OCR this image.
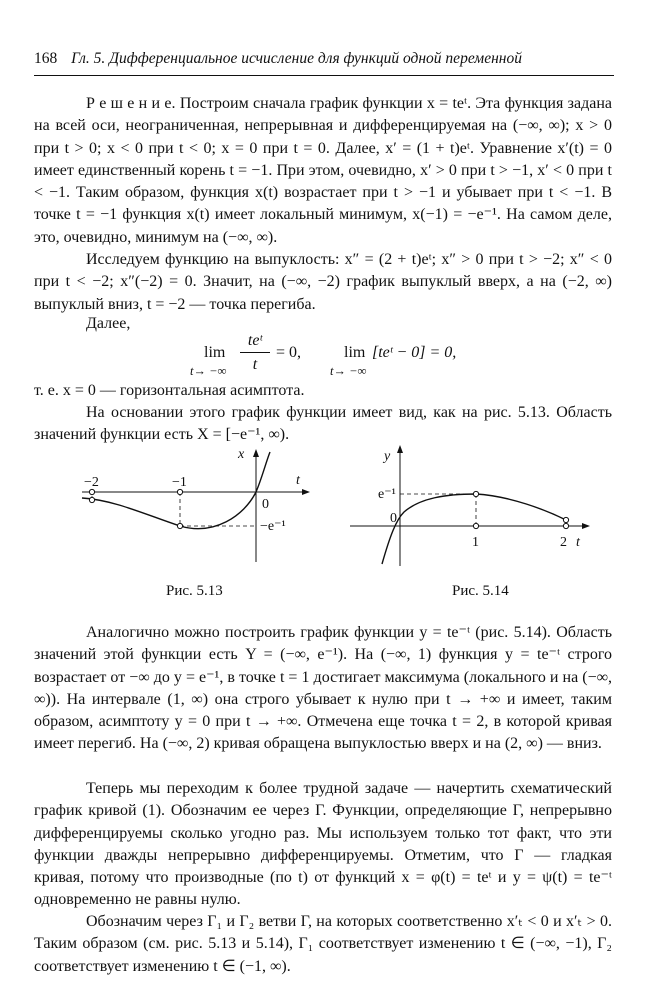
168 Гл. 5. Дифференциальное исчисление для функций одной переменной

Р е ш е н и е. Построим сначала график функции x = teᵗ. Эта функция задана на всей оси, неограниченная, непрерывная и дифференцируемая на (−∞, ∞); x > 0 при t > 0; x < 0 при t < 0; x = 0 при t = 0. Далее, x′ = (1 + t)eᵗ. Уравнение x′(t) = 0 имеет единственный корень t = −1. При этом, очевидно, x′ > 0 при t > −1, x′ < 0 при t < −1. Таким образом, функция x(t) возрастает при t > −1 и убывает при t < −1. В точке t = −1 функция x(t) имеет локальный минимум, x(−1) = −e⁻¹. На самом деле, это, очевидно, минимум на (−∞, ∞).

Исследуем функцию на выпуклость: x″ = (2 + t)eᵗ; x″ > 0 при t > −2; x″ < 0 при t < −2; x″(−2) = 0. Значит, на (−∞, −2) график выпуклый вверх, а на (−2, ∞) выпуклый вниз, t = −2 — точка перегиба.

Далее,

lim
t→ −∞
teᵗ
t
= 0,	lim
t→ −∞
[teᵗ − 0] = 0,

т. е. x = 0 — горизонтальная асимптота.

На основании этого график функции имеет вид, как на рис. 5.13. Область значений функции есть X = [−e⁻¹, ∞).

x
t
−2	−1
0
−e⁻¹
Рис. 5.13
y
0
e⁻¹
1	2 t
Рис. 5.14

Аналогично можно построить график функции y = te⁻ᵗ (рис. 5.14). Область значений этой функции есть Y = (−∞, e⁻¹). На (−∞, 1) функция y = te⁻ᵗ строго возрастает от −∞ до y = e⁻¹, в точке t = 1 достигает максимума (локального и на (−∞, ∞)). На интервале (1, ∞) она строго убывает к нулю при t → +∞ и имеет, таким образом, асимптоту y = 0 при t → +∞. Отмечена еще точка t = 2, в которой кривая имеет перегиб. На (−∞, 2) кривая обращена выпуклостью вверх и на (2, ∞) — вниз.

Теперь мы переходим к более трудной задаче — начертить схематический график кривой (1). Обозначим ее через Γ. Функции, определяющие Γ, непрерывно дифференцируемы сколько угодно раз. Мы используем только тот факт, что эти функции дважды непрерывно дифференцируемы. Отметим, что Γ — гладкая кривая, потому что производные (по t) от функций x = φ(t) = teᵗ и y = ψ(t) = te⁻ᵗ одновременно не равны нулю.

Обозначим через Γ₁ и Γ₂ ветви Γ, на которых соответственно x′ₜ < 0 и x′ₜ > 0. Таким образом (см. рис. 5.13 и 5.14), Γ₁ соответствует изменению t ∈ (−∞, −1), Γ₂ соответствует изменению t ∈ (−1, ∞).
